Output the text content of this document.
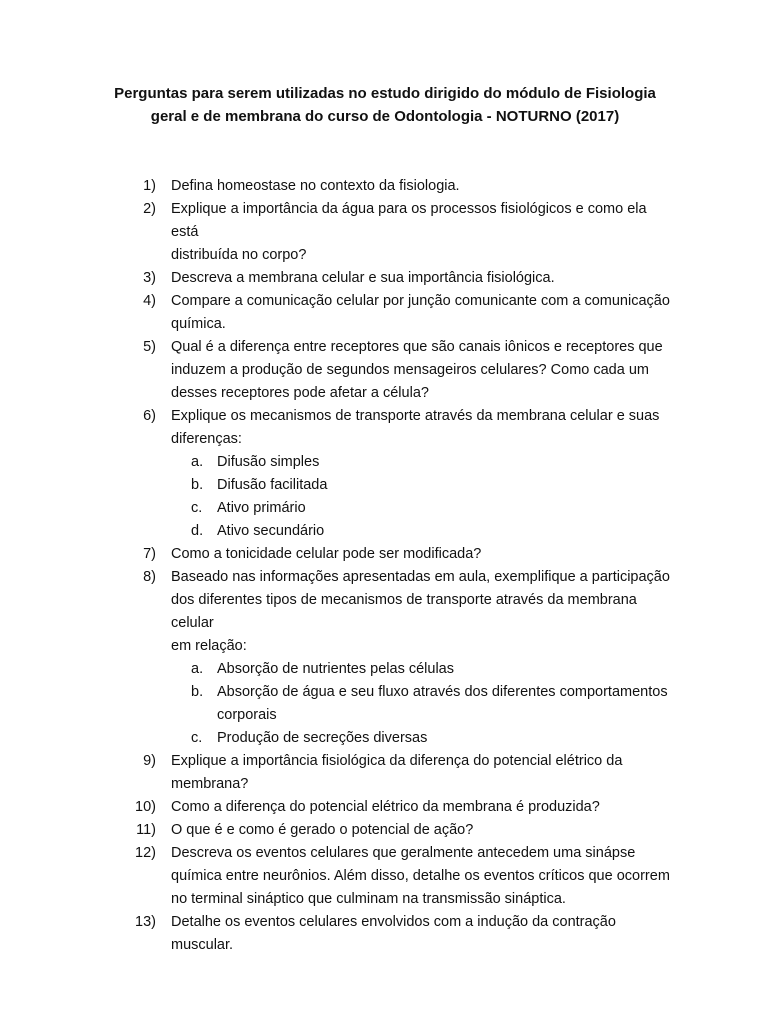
Perguntas para serem utilizadas no estudo dirigido do módulo de Fisiologia
geral e de membrana do curso de Odontologia - NOTURNO (2017)
1) Defina homeostase no contexto da fisiologia.
2) Explique a importância da água para os processos fisiológicos e como ela está
distribuída no corpo?
3) Descreva a membrana celular e sua importância fisiológica.
4) Compare a comunicação celular por junção comunicante com a comunicação
química.
5) Qual é a diferença entre receptores que são canais iônicos e receptores que
induzem a produção de segundos mensageiros celulares? Como cada um
desses receptores pode afetar a célula?
6) Explique os mecanismos de transporte através da membrana celular e suas
diferenças:
a. Difusão simples
b. Difusão facilitada
c.	Ativo primário
d. Ativo secundário
7) Como a tonicidade celular pode ser modificada?
8) Baseado nas informações apresentadas em aula, exemplifique a participação
dos diferentes tipos de mecanismos de transporte através da membrana celular
em relação:
a. Absorção de nutrientes pelas células
b. Absorção de água e seu fluxo através dos diferentes comportamentos
corporais
c.	Produção de secreções diversas
9) Explique a importância fisiológica da diferença do potencial elétrico da
membrana?
10) Como a diferença do potencial elétrico da membrana é produzida?
11) O que é e como é gerado o potencial de ação?
12) Descreva os eventos celulares que geralmente antecedem uma sinápse
química entre neurônios. Além disso, detalhe os eventos críticos que ocorrem
no terminal sináptico que culminam na transmissão sináptica.
13) Detalhe os eventos celulares envolvidos com a indução da contração muscular.
